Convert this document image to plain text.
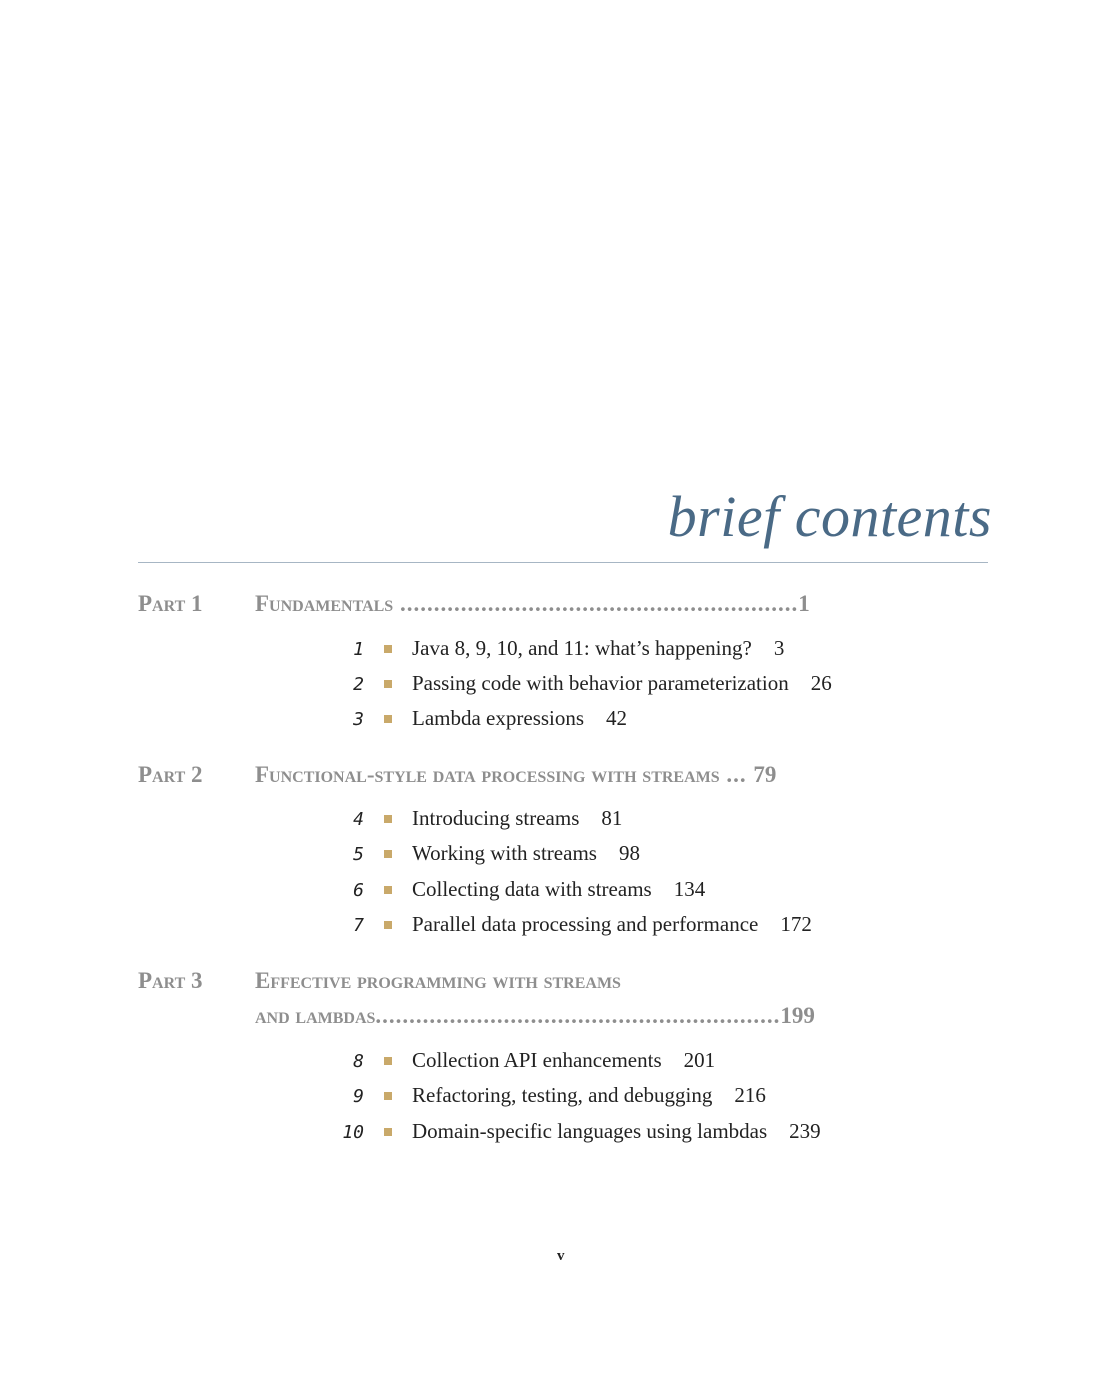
brief contents
Part 1 Fundamentals ...........................................................1
1 Java 8, 9, 10, and 11: what’s happening? 3
2 Passing code with behavior parameterization 26
3 Lambda expressions 42
Part 2 Functional-style data processing with streams ... 79
4 Introducing streams 81
5 Working with streams 98
6 Collecting data with streams 134
7 Parallel data processing and performance 172
Part 3 Effective programming with streams
and lambdas............................................................199
8 Collection API enhancements 201
9 Refactoring, testing, and debugging 216
10 Domain-specific languages using lambdas 239
v
